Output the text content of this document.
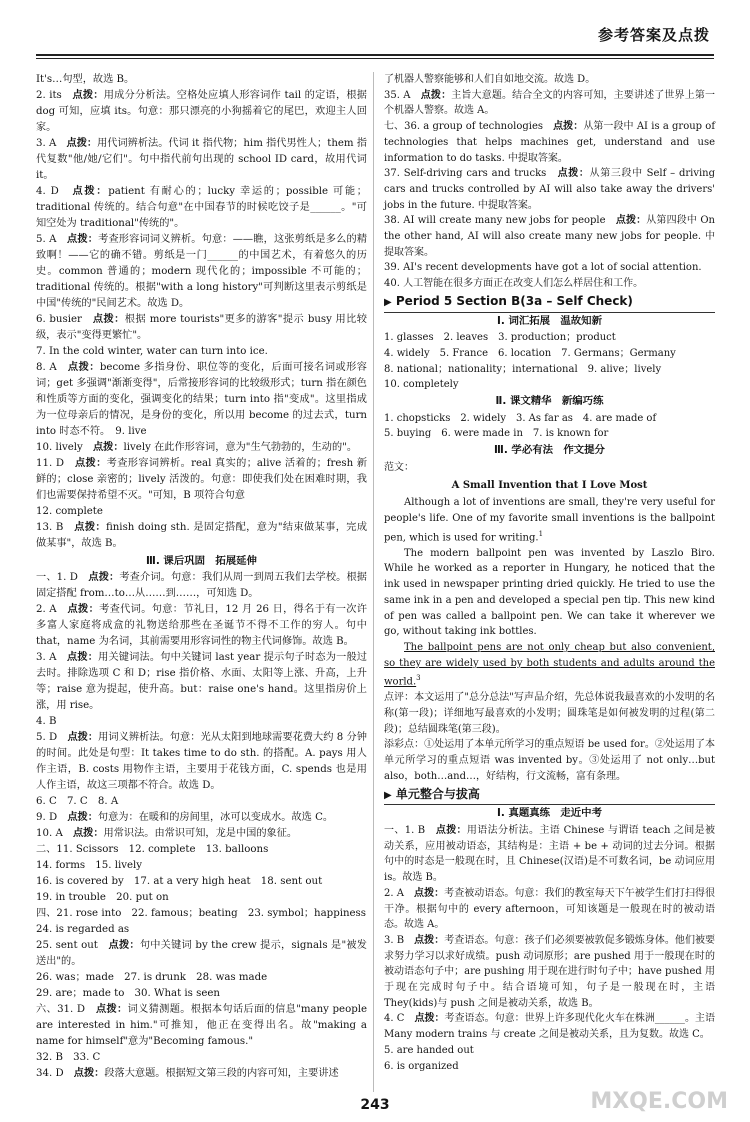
参考答案及点拨

It's…句型，故选 B。

2. its　点拨：用成分分析法。空格处应填人形容词作 tail 的定语，根据 dog 可知，应填 its。句意：那只漂亮的小狗摇着它的尾巴，欢迎主人回家。

3. A　点拨：用代词辨析法。代词 it 指代物；him 指代男性人；them 指代复数"他/她/它们"。句中指代前句出现的 school ID card，故用代词 it。

4. D　点拨：patient 有耐心的；lucky 幸运的；possible 可能；traditional 传统的。结合句意"在中国春节的时候吃饺子是______。"可知空处为 traditional"传统的"。

5. A　点拨：考查形容词词义辨析。句意：——瞧，这张剪纸是多么的精致啊！——它的确不错。剪纸是一门______的中国艺术，有着悠久的历史。common 普通的；modern 现代化的；impossible 不可能的；traditional 传统的。根据"with a long history"可判断这里表示剪纸是中国"传统的"民间艺术。故选 D。

6. busier　点拨：根据 more tourists"更多的游客"提示 busy 用比较级，表示"变得更繁忙"。

7. In the cold winter, water can turn into ice.

8. A　点拨：become 多指身份、职位等的变化，后面可接名词或形容词；get 多强调"渐渐变得"，后常接形容词的比较级形式；turn 指在颜色和性质等方面的变化，强调变化的结果；turn into 指"变成"。这里指成为一位母亲后的情况，是身份的变化，所以用 become 的过去式，turn into 时态不符。　9. live

10. lively　点拨：lively 在此作形容词，意为"生气勃勃的，生动的"。

11. D　点拨：考查形容词辨析。real 真实的；alive 活着的；fresh 新鲜的；close 亲密的；lively 活泼的。句意：即使我们处在困难时期，我们也需要保持希望不灭。"可知，B 项符合句意

12. complete

13. B　点拨：finish doing sth. 是固定搭配，意为"结束做某事，完成做某事"，故选 B。

Ⅲ. 课后巩固　拓展延伸

一、1. D　点拨：考查介词。句意：我们从周一到周五我们去学校。根据固定搭配 from…to…从……到……，可知选 D。

2. A　点拨：考查代词。句意：节礼日，12 月 26 日，得名于有一次许多富人家庭将成盒的礼物送给那些在圣诞节不得不工作的穷人。句中 that，name 为名词，其前需要用形容词性的物主代词修饰。故选 B。

3. A　点拨：用关键词法。句中关键词 last year 提示句子时态为一般过去时。排除选项 C 和 D；rise 指价格、水面、太阳等上涨、升高，上升等；raise 意为提起，使升高。but：raise one's hand。这里指房价上涨，用 rise。

4. B

5. D　点拨：用词义辨析法。句意：光从太阳到地球需要花费大约 8 分钟的时间。此处是句型：It takes time to do sth. 的搭配。A. pays 用人作主语，B. costs 用物作主语，主要用于花钱方面，C. spends 也是用人作主语，故这三项都不符合。故选 D。

6. C　7. C　8. A

9. D　点拨：句意为：在暖和的房间里，冰可以变成水。故选 C。

10. A　点拨：用常识法。由常识可知，龙是中国的象征。

二、11. Scissors　12. complete　13. balloons

14. forms　15. lively

16. is covered by　17. at a very high heat　18. sent out

19. in trouble　20. put on

四、21. rose into　22. famous；beating　23. symbol；happiness

24. is regarded as

25. sent out　点拨：句中关键词 by the crew 提示，signals 是"被发送出"的。

26. was；made　27. is drunk　28. was made

29. are；made to　30. What is seen

六、31. D　点拨：词义猜测题。根据本句话后面的信息"many people are interested in him."可推知，他正在变得出名。故"making a name for himself"意为"Becoming famous."

32. B　33. C

34. D　点拨：段落大意题。根据短文第三段的内容可知，主要讲述

了机器人警察能够和人们自如地交流。故选 D。

35. A　点拨：主旨大意题。结合全文的内容可知，主要讲述了世界上第一个机器人警察。故选 A。

七、36. a group of technologies　点拨：从第一段中 AI is a group of technologies that helps machines get, understand and use information to do tasks. 中提取答案。

37. Self-driving cars and trucks　点拨：从第三段中 Self – driving cars and trucks controlled by AI will also take away the drivers' jobs in the future. 中提取答案。

38. AI will create many new jobs for people　点拨：从第四段中 On the other hand, AI will also create many new jobs for people. 中提取答案。

39. AI's recent developments have got a lot of social attention.

40. 人工智能在很多方面正在改变人们怎么样居住和工作。

▶ Period 5 Section B(3a – Self Check)
Ⅰ. 词汇拓展　温故知新

1. glasses　2. leaves　3. production；product

4. widely　5. France　6. location　7. Germans；Germany

8. national；nationality；international　9. alive；lively

10. completely

Ⅱ. 课文精华　新编巧练

1. chopsticks　2. widely　3. As far as　4. are made of

5. buying　6. were made in　7. is known for

Ⅲ. 学必有法　作文提分

范文：

A Small Invention that I Love Most

Although a lot of inventions are small, they're very useful for people's life. One of my favorite small inventions is the ballpoint pen, which is used for writing.$^1$

The modern ballpoint pen was invented by Laszlo Biro. While he worked as a reporter in Hungary, he noticed that the ink used in newspaper printing dried quickly. He tried to use the same ink in a pen and developed a special pen tip. This new kind of pen was called a ballpoint pen. We can take it wherever we go, without taking ink bottles.

The ballpoint pens are not only cheap but also convenient, so they are widely used by both students and adults around the world.$^3$

点评：本文运用了"总分总法"写声品介绍，先总体说我最喜欢的小发明的名称(第一段)；详细地写最喜欢的小发明；圆珠笔是如何被发明的过程(第二段)；总结圆珠笔(第三段)。

添彩点：①处运用了本单元所学习的重点短语 be used for。②处运用了本单元所学习的重点短语 was invented by。③处运用了 not only…but also，both…and…，好结构，行文流畅，富有条理。

▶ 单元整合与拔高
Ⅰ. 真题真练　走近中考

一、1. B　点拨：用语法分析法。主语 Chinese 与谓语 teach 之间是被动关系，应用被动语态，其结构是：主语 + be + 动词的过去分词。根据句中的时态是一般现在时，且 Chinese(汉语)是不可数名词，be 动词应用 is。故选 B。

2. A　点拨：考查被动语态。句意：我们的教室每天下午被学生们打扫得很干净。根据句中的 every afternoon，可知该题是一般现在时的被动语态。故选 A。

3. B　点拨：考查语态。句意：孩子们必须要被敦促多锻炼身体。他们被要求努力学习以求好成绩。push 动词原形；are pushed 用于一般现在时的被动语态句子中；are pushing 用于现在进行时句子中；have pushed 用于现在完成时句子中。结合语境可知，句子是一般现在时，主语 They(kids)与 push 之间是被动关系，故选 B。

4. C　点拨：考查语态。句意：世界上许多现代化火车在株洲______。主语 Many modern trains 与 create 之间是被动关系，且为复数。故选 C。

5. are handed out

6. is organized

243	MXQE.COM
